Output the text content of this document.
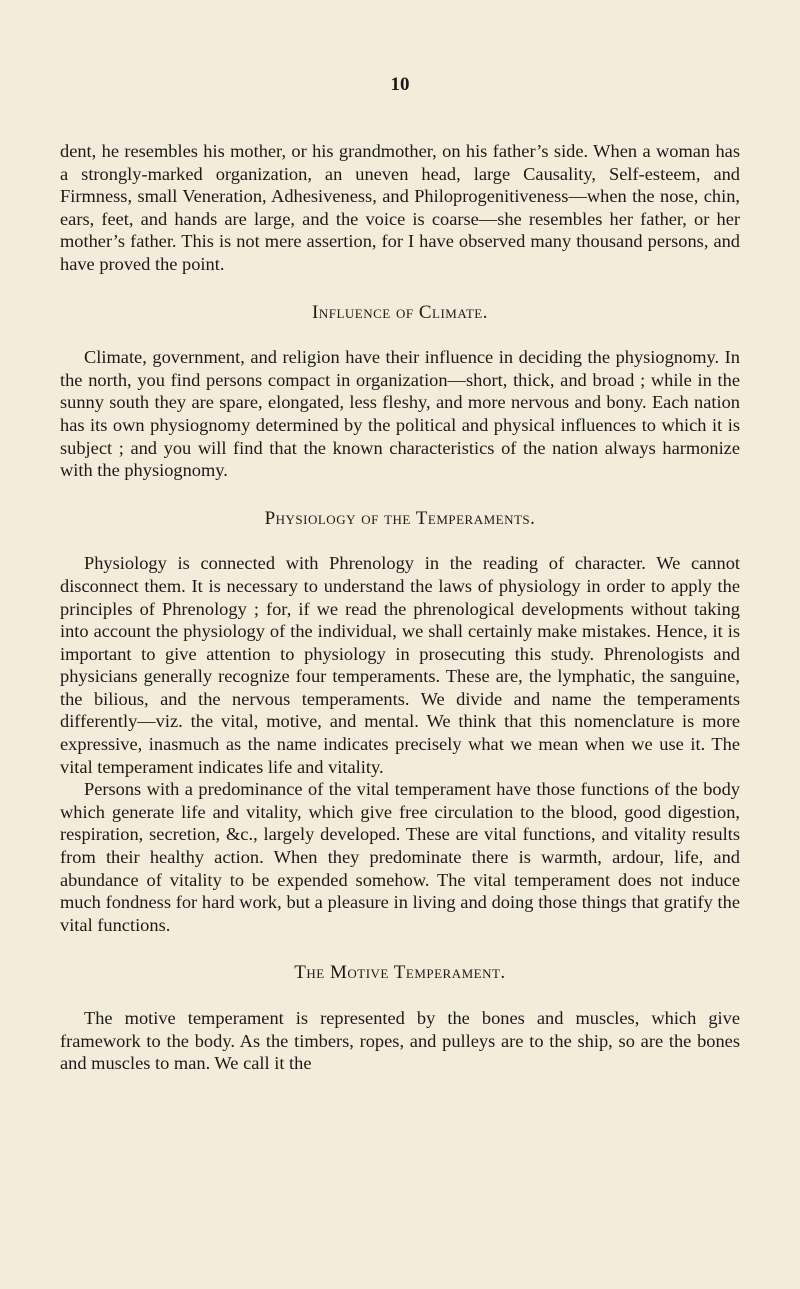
10

dent, he resembles his mother, or his grandmother, on his father’s side. When a woman has a strongly-marked organization, an uneven head, large Causality, Self-esteem, and Firmness, small Veneration, Adhesiveness, and Philoprogenitiveness—when the nose, chin, ears, feet, and hands are large, and the voice is coarse—she resembles her father, or her mother’s father. This is not mere assertion, for I have observed many thousand persons, and have proved the point.

Influence of Climate.

Climate, government, and religion have their influence in deciding the physiognomy. In the north, you find persons compact in organization—short, thick, and broad ; while in the sunny south they are spare, elongated, less fleshy, and more nervous and bony. Each nation has its own physiognomy determined by the political and physical influences to which it is subject ; and you will find that the known characteristics of the nation always harmonize with the physiognomy.

Physiology of the Temperaments.

Physiology is connected with Phrenology in the reading of character. We cannot disconnect them. It is necessary to understand the laws of physiology in order to apply the principles of Phrenology ; for, if we read the phrenological developments without taking into account the physiology of the individual, we shall certainly make mistakes. Hence, it is important to give attention to physiology in prosecuting this study. Phrenologists and physicians generally recognize four temperaments. These are, the lymphatic, the sanguine, the bilious, and the nervous temperaments. We divide and name the temperaments differently—viz. the vital, motive, and mental. We think that this nomenclature is more expressive, inasmuch as the name indicates precisely what we mean when we use it. The vital temperament indicates life and vitality.

Persons with a predominance of the vital temperament have those functions of the body which generate life and vitality, which give free circulation to the blood, good digestion, respiration, secretion, &c., largely developed. These are vital functions, and vitality results from their healthy action. When they predominate there is warmth, ardour, life, and abundance of vitality to be expended somehow. The vital temperament does not induce much fondness for hard work, but a pleasure in living and doing those things that gratify the vital functions.

The Motive Temperament.

The motive temperament is represented by the bones and muscles, which give framework to the body. As the timbers, ropes, and pulleys are to the ship, so are the bones and muscles to man. We call it the
